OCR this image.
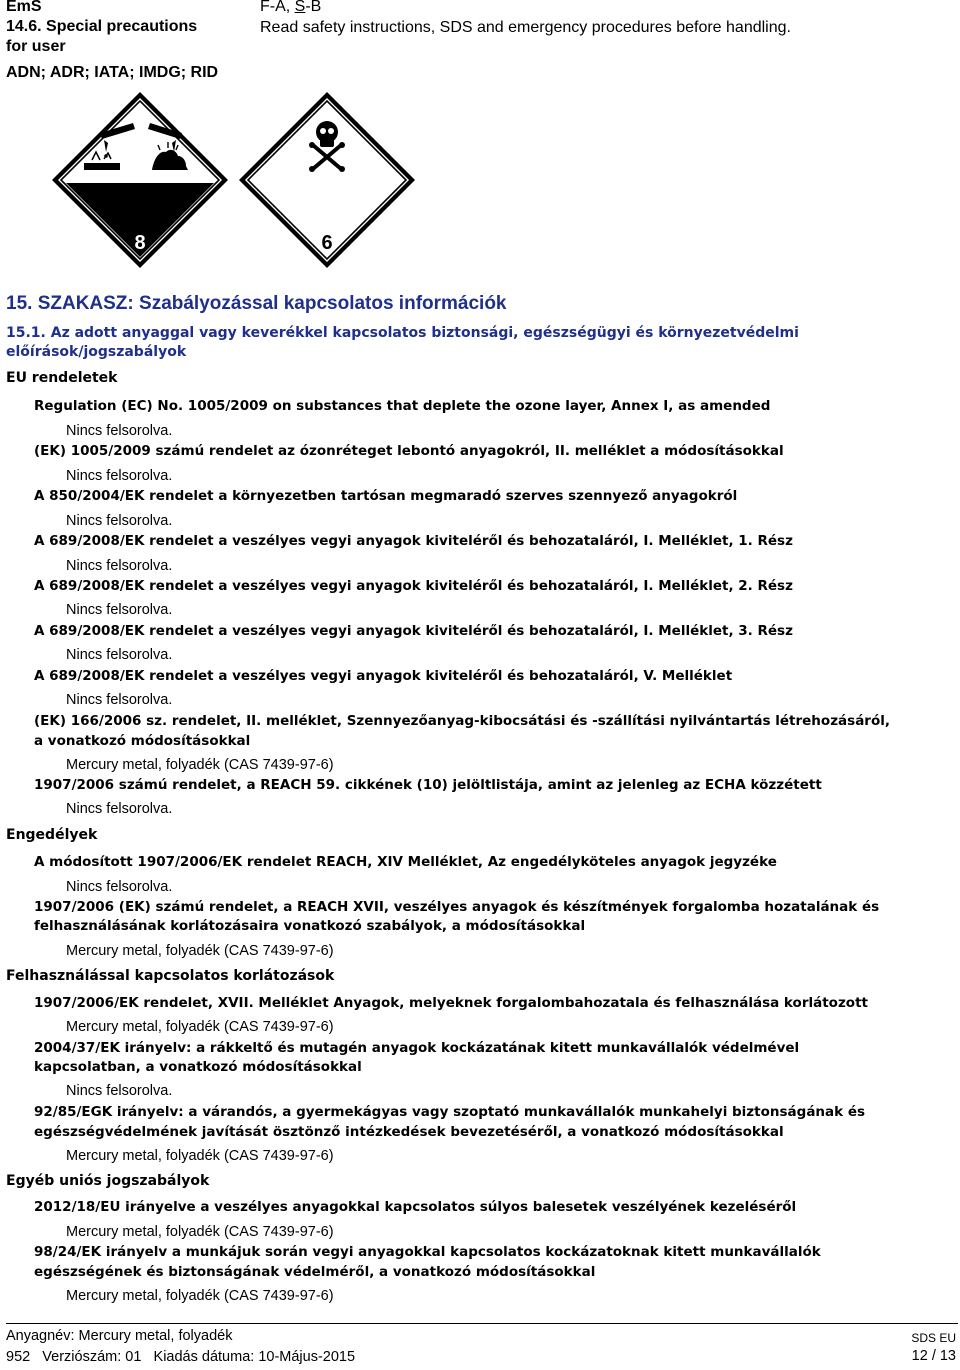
EmS
14.6. Special precautions
for user
F-A, S-B
Read safety instructions, SDS and emergency procedures before handling.
ADN; ADR; IATA; IMDG; RID
8	6
15. SZAKASZ: Szabályozással kapcsolatos információk
15.1. Az adott anyaggal vagy keverékkel kapcsolatos biztonsági, egészségügyi és környezetvédelmi
előírások/jogszabályok
EU rendeletek
Regulation (EC) No. 1005/2009 on substances that deplete the ozone layer, Annex I, as amended
Nincs felsorolva.
(EK) 1005/2009 számú rendelet az ózonréteget lebontó anyagokról, II. melléklet a módosításokkal
Nincs felsorolva.
A 850/2004/EK rendelet a környezetben tartósan megmaradó szerves szennyező anyagokról
Nincs felsorolva.
A 689/2008/EK rendelet a veszélyes vegyi anyagok kiviteléről és behozataláról, I. Melléklet, 1. Rész
Nincs felsorolva.
A 689/2008/EK rendelet a veszélyes vegyi anyagok kiviteléről és behozataláról, I. Melléklet, 2. Rész
Nincs felsorolva.
A 689/2008/EK rendelet a veszélyes vegyi anyagok kiviteléről és behozataláról, I. Melléklet, 3. Rész
Nincs felsorolva.
A 689/2008/EK rendelet a veszélyes vegyi anyagok kiviteléről és behozataláról, V. Melléklet
Nincs felsorolva.
(EK) 166/2006 sz. rendelet, II. melléklet, Szennyezőanyag-kibocsátási és -szállítási nyilvántartás létrehozásáról,
a vonatkozó módosításokkal
Mercury metal, folyadék (CAS 7439-97-6)
1907/2006 számú rendelet, a REACH 59. cikkének (10) jelöltlistája, amint az jelenleg az ECHA közzétett
Nincs felsorolva.
Engedélyek
A módosított 1907/2006/EK rendelet REACH, XIV Melléklet, Az engedélyköteles anyagok jegyzéke
Nincs felsorolva.
1907/2006 (EK) számú rendelet, a REACH XVII, veszélyes anyagok és készítmények forgalomba hozatalának és
felhasználásának korlátozásaira vonatkozó szabályok, a módosításokkal
Mercury metal, folyadék (CAS 7439-97-6)
Felhasználással kapcsolatos korlátozások
1907/2006/EK rendelet, XVII. Melléklet Anyagok, melyeknek forgalombahozatala és felhasználása korlátozott
Mercury metal, folyadék (CAS 7439-97-6)
2004/37/EK irányelv: a rákkeltő és mutagén anyagok kockázatának kitett munkavállalók védelmével
kapcsolatban, a vonatkozó módosításokkal
Nincs felsorolva.
92/85/EGK irányelv: a várandós, a gyermekágyas vagy szoptató munkavállalók munkahelyi biztonságának és
egészségvédelmének javítását ösztönző intézkedések bevezetéséről, a vonatkozó módosításokkal
Mercury metal, folyadék (CAS 7439-97-6)
Egyéb uniós jogszabályok
2012/18/EU irányelve a veszélyes anyagokkal kapcsolatos súlyos balesetek veszélyének kezeléséről
Mercury metal, folyadék (CAS 7439-97-6)
98/24/EK irányelv a munkájuk során vegyi anyagokkal kapcsolatos kockázatoknak kitett munkavállalók
egészségének és biztonságának védelméről, a vonatkozó módosításokkal
Mercury metal, folyadék (CAS 7439-97-6)
Anyagnév: Mercury metal, folyadék
952 Verziószám: 01 Kiadás dátuma: 10-Május-2015
SDS EU
12 / 13
